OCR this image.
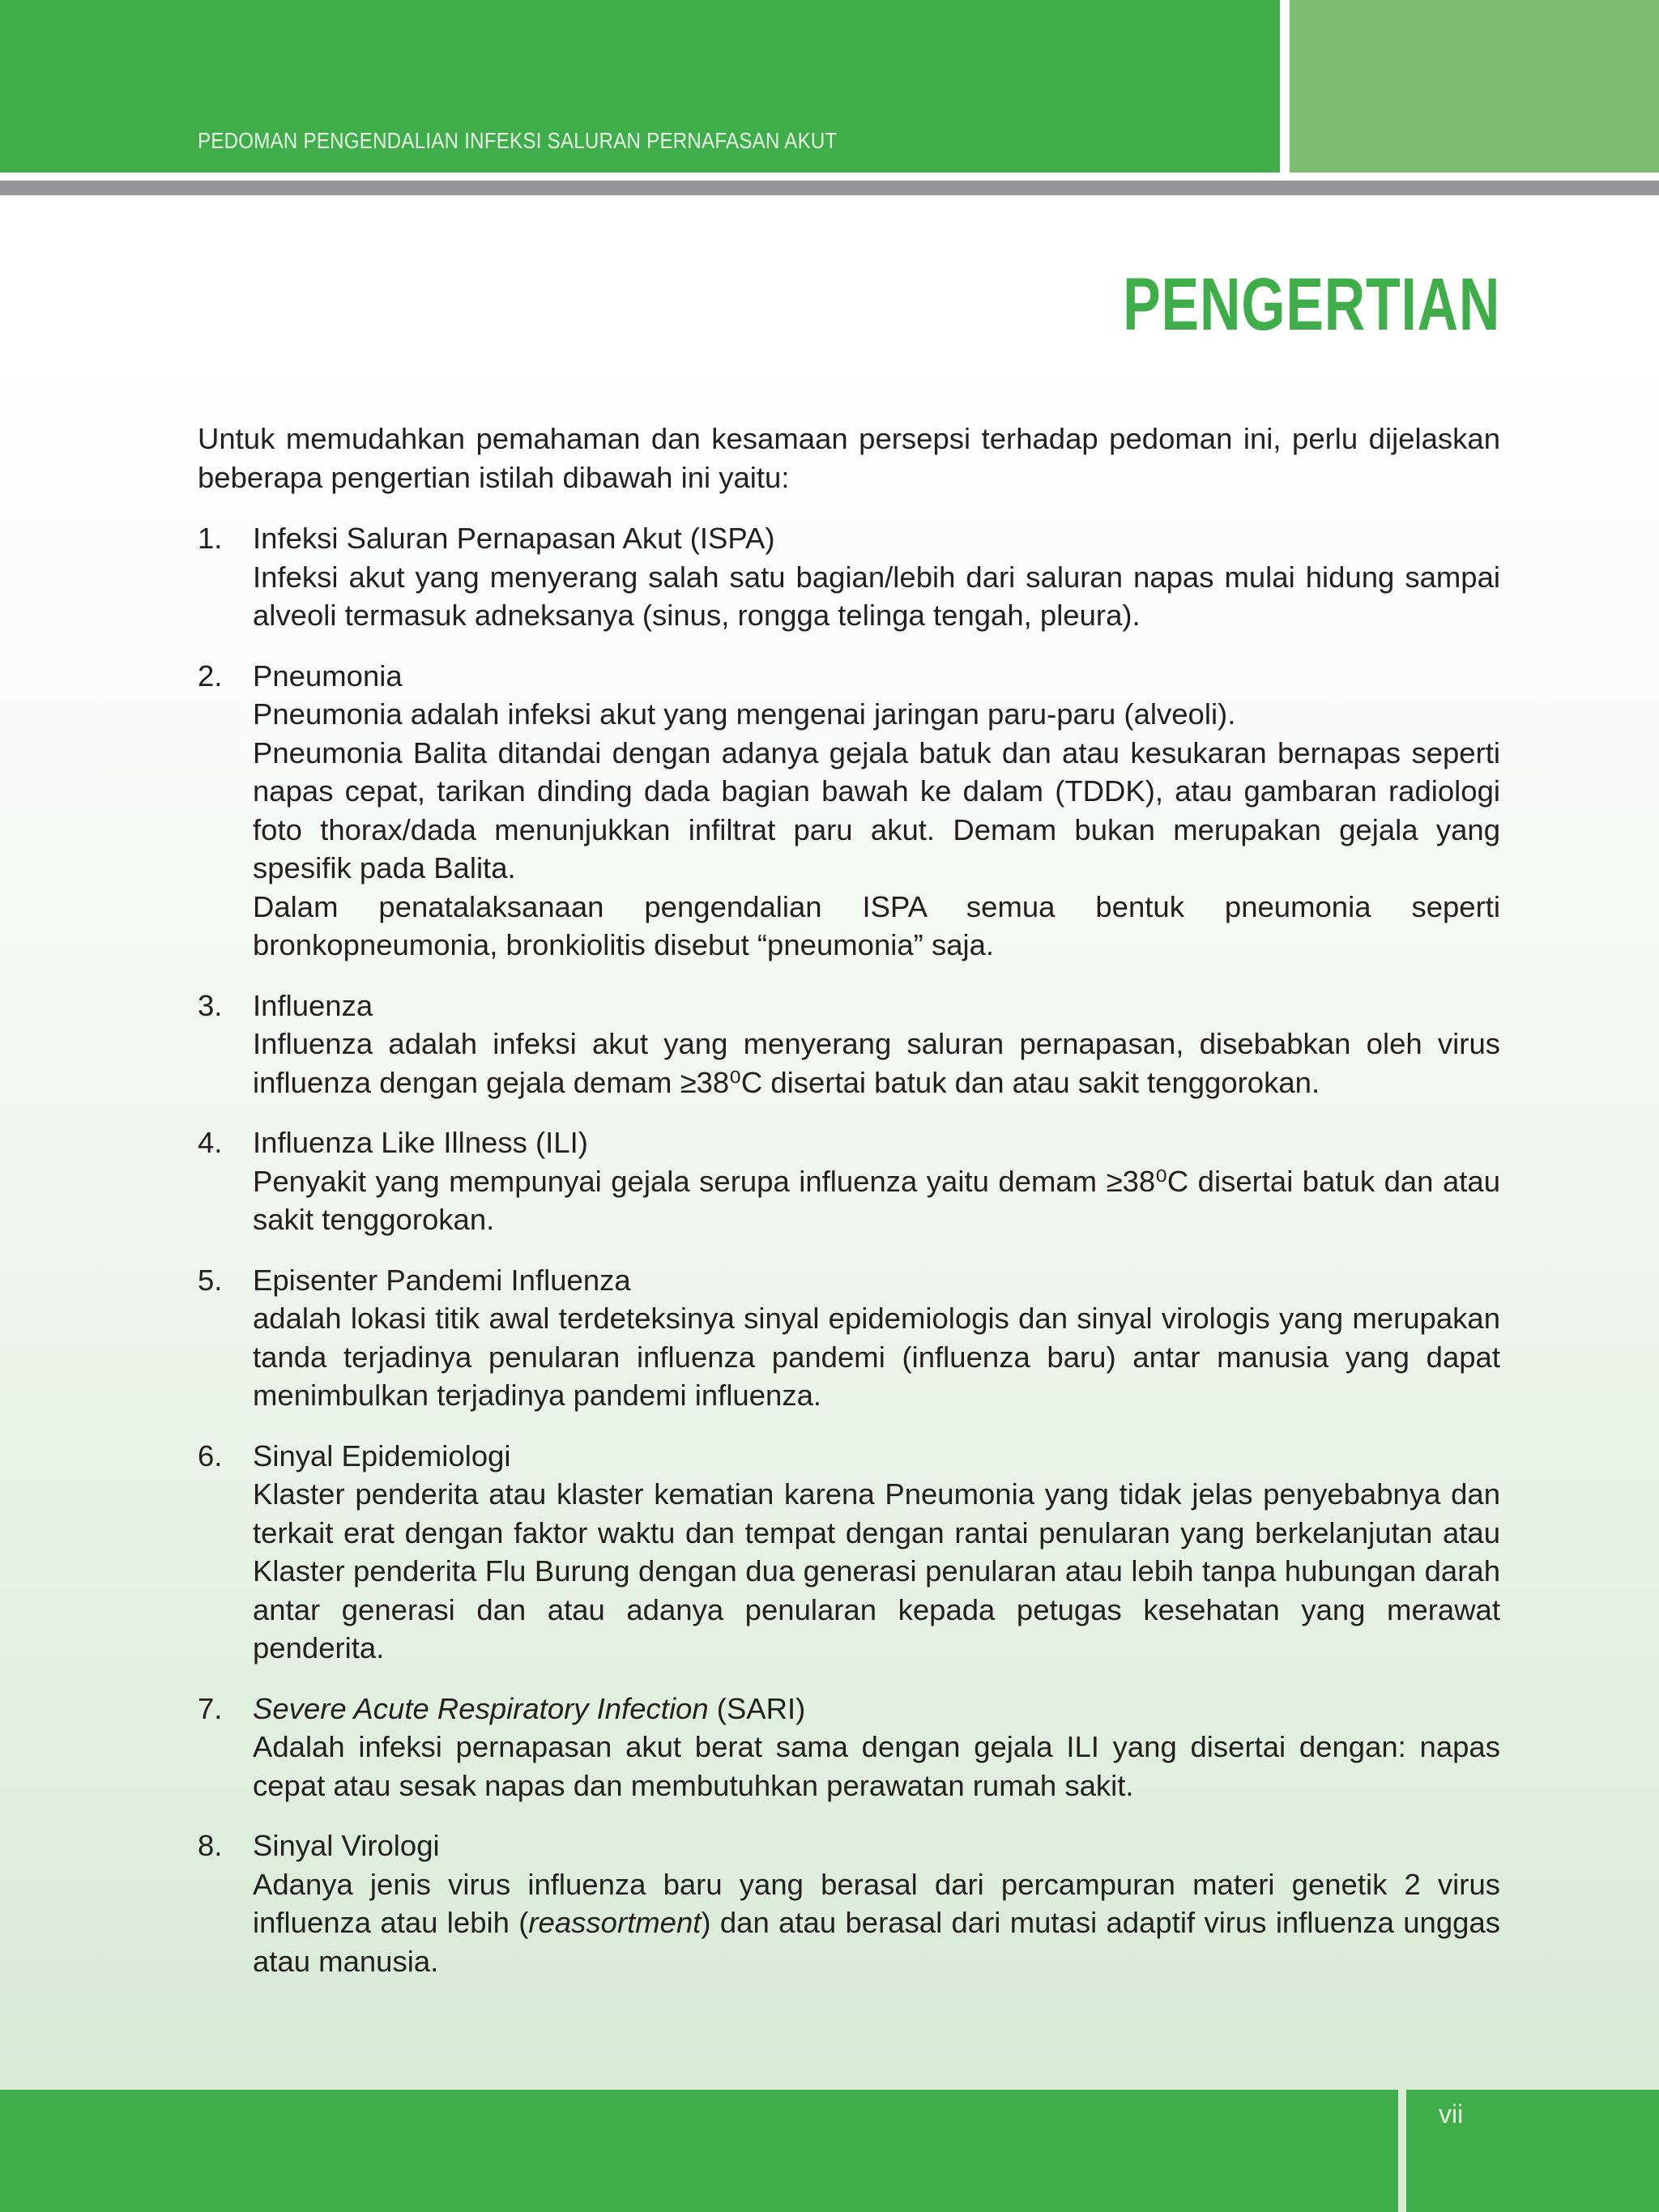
PEDOMAN PENGENDALIAN INFEKSI SALURAN PERNAFASAN AKUT
PENGERTIAN

Untuk memudahkan pemahaman dan kesamaan persepsi terhadap pedoman ini, perlu dijelaskan beberapa pengertian istilah dibawah ini yaitu:

1. Infeksi Saluran Pernapasan Akut (ISPA)
Infeksi akut yang menyerang salah satu bagian/lebih dari saluran napas mulai hidung sampai alveoli termasuk adneksanya (sinus, rongga telinga tengah, pleura).
2. Pneumonia
Pneumonia adalah infeksi akut yang mengenai jaringan paru-paru (alveoli).
Pneumonia Balita ditandai dengan adanya gejala batuk dan atau kesukaran bernapas seperti napas cepat, tarikan dinding dada bagian bawah ke dalam (TDDK), atau gambaran radiologi foto thorax/dada menunjukkan infiltrat paru akut. Demam bukan merupakan gejala yang spesifik pada Balita.
Dalam penatalaksanaan pengendalian ISPA semua bentuk pneumonia seperti bronkopneumonia, bronkiolitis disebut “pneumonia” saja.
3. Influenza
Influenza adalah infeksi akut yang menyerang saluran pernapasan, disebabkan oleh virus influenza dengan gejala demam ≥38⁰C disertai batuk dan atau sakit tenggorokan.
4. Influenza Like Illness (ILI)
Penyakit yang mempunyai gejala serupa influenza yaitu demam ≥38⁰C disertai batuk dan atau sakit tenggorokan.
5. Episenter Pandemi Influenza
adalah lokasi titik awal terdeteksinya sinyal epidemiologis dan sinyal virologis yang merupakan tanda terjadinya penularan influenza pandemi (influenza baru) antar manusia yang dapat menimbulkan terjadinya pandemi influenza.
6. Sinyal Epidemiologi
Klaster penderita atau klaster kematian karena Pneumonia yang tidak jelas penyebabnya dan terkait erat dengan faktor waktu dan tempat dengan rantai penularan yang berkelanjutan atau Klaster penderita Flu Burung dengan dua generasi penularan atau lebih tanpa hubungan darah antar generasi dan atau adanya penularan kepada petugas kesehatan yang merawat penderita.
7. Severe Acute Respiratory Infection (SARI)
Adalah infeksi pernapasan akut berat sama dengan gejala ILI yang disertai dengan: napas cepat atau sesak napas dan membutuhkan perawatan rumah sakit.
8. Sinyal Virologi
Adanya jenis virus influenza baru yang berasal dari percampuran materi genetik 2 virus influenza atau lebih (reassortment) dan atau berasal dari mutasi adaptif virus influenza unggas atau manusia.
vii
